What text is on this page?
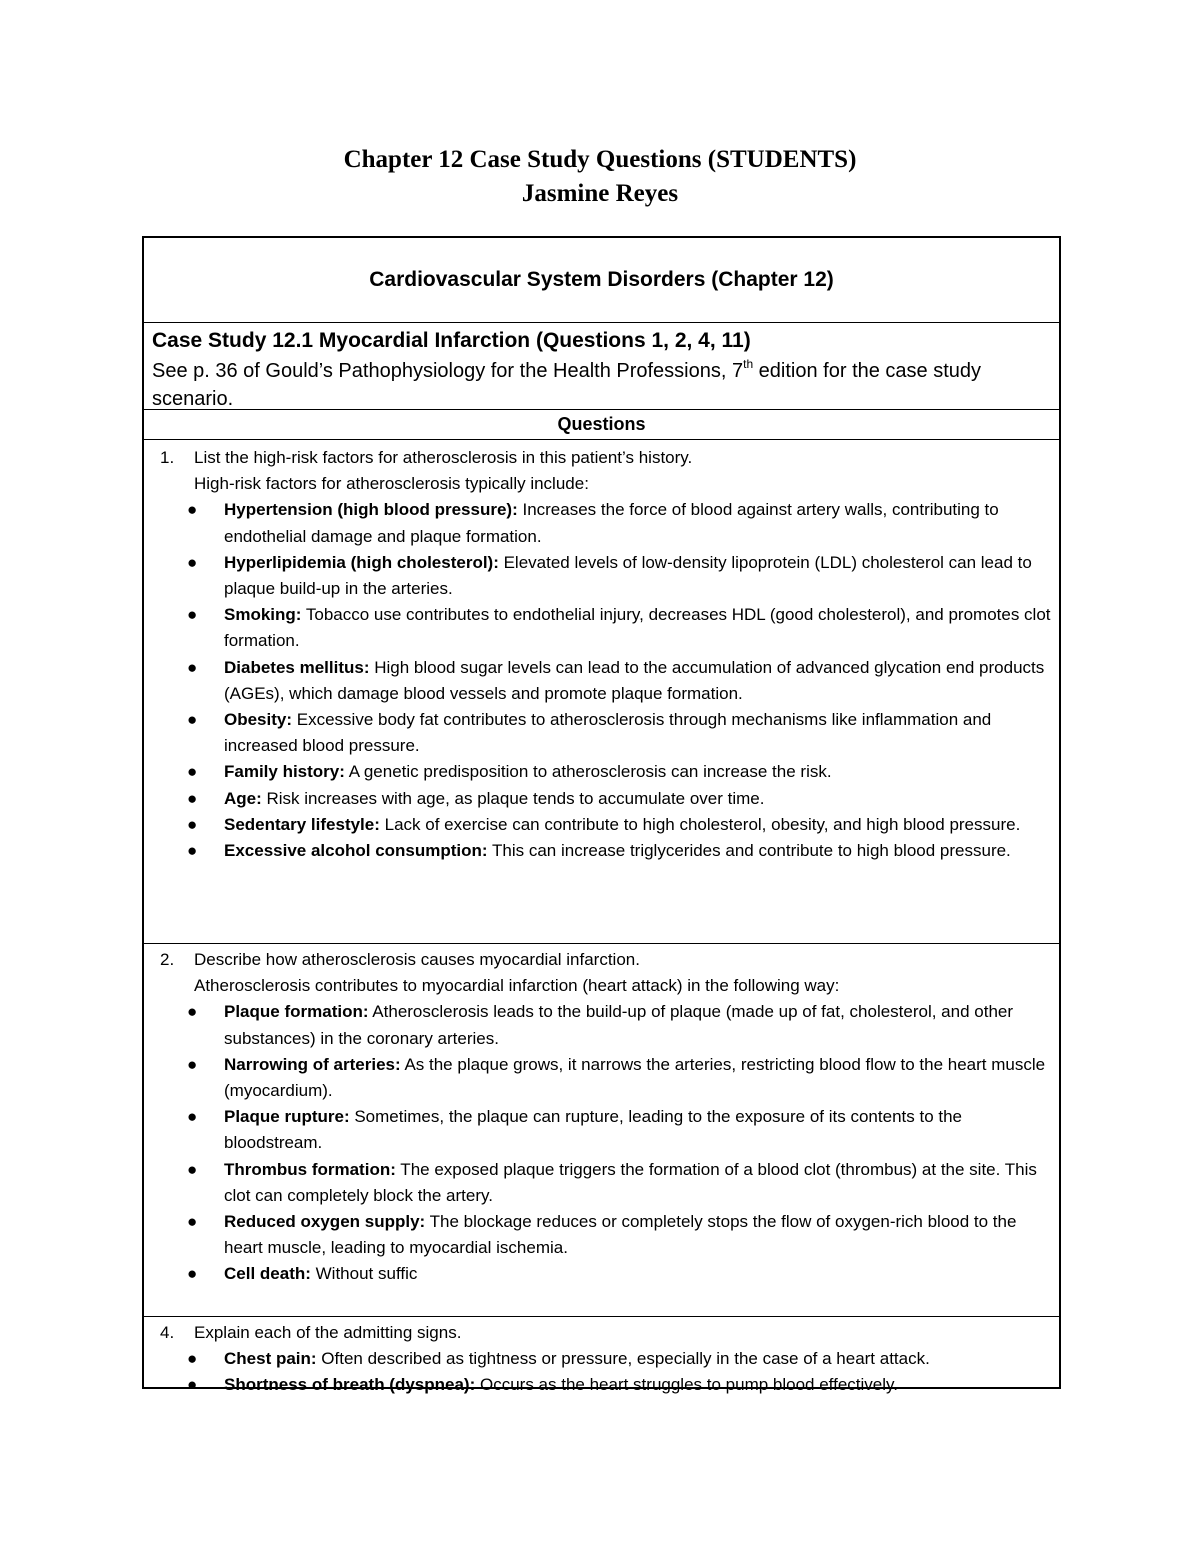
Chapter 12 Case Study Questions (STUDENTS)
Jasmine Reyes
Cardiovascular System Disorders (Chapter 12)
Case Study 12.1 Myocardial Infarction (Questions 1, 2, 4, 11)
See p. 36 of Gould’s Pathophysiology for the Health Professions, 7th edition for the case study scenario.
Questions
1. List the high-risk factors for atherosclerosis in this patient’s history.
High-risk factors for atherosclerosis typically include:
● Hypertension (high blood pressure): Increases the force of blood against artery walls, contributing to endothelial damage and plaque formation.
● Hyperlipidemia (high cholesterol): Elevated levels of low-density lipoprotein (LDL) cholesterol can lead to plaque build-up in the arteries.
● Smoking: Tobacco use contributes to endothelial injury, decreases HDL (good cholesterol), and promotes clot formation.
● Diabetes mellitus: High blood sugar levels can lead to the accumulation of advanced glycation end products (AGEs), which damage blood vessels and promote plaque formation.
● Obesity: Excessive body fat contributes to atherosclerosis through mechanisms like inflammation and increased blood pressure.
● Family history: A genetic predisposition to atherosclerosis can increase the risk.
● Age: Risk increases with age, as plaque tends to accumulate over time.
● Sedentary lifestyle: Lack of exercise can contribute to high cholesterol, obesity, and high blood pressure.
● Excessive alcohol consumption: This can increase triglycerides and contribute to high blood pressure.
2. Describe how atherosclerosis causes myocardial infarction.
Atherosclerosis contributes to myocardial infarction (heart attack) in the following way:
● Plaque formation: Atherosclerosis leads to the build-up of plaque (made up of fat, cholesterol, and other substances) in the coronary arteries.
● Narrowing of arteries: As the plaque grows, it narrows the arteries, restricting blood flow to the heart muscle (myocardium).
● Plaque rupture: Sometimes, the plaque can rupture, leading to the exposure of its contents to the bloodstream.
● Thrombus formation: The exposed plaque triggers the formation of a blood clot (thrombus) at the site. This clot can completely block the artery.
● Reduced oxygen supply: The blockage reduces or completely stops the flow of oxygen-rich blood to the heart muscle, leading to myocardial ischemia.
● Cell death: Without suffic
4. Explain each of the admitting signs.
● Chest pain: Often described as tightness or pressure, especially in the case of a heart attack.
● Shortness of breath (dyspnea): Occurs as the heart struggles to pump blood effectively.
